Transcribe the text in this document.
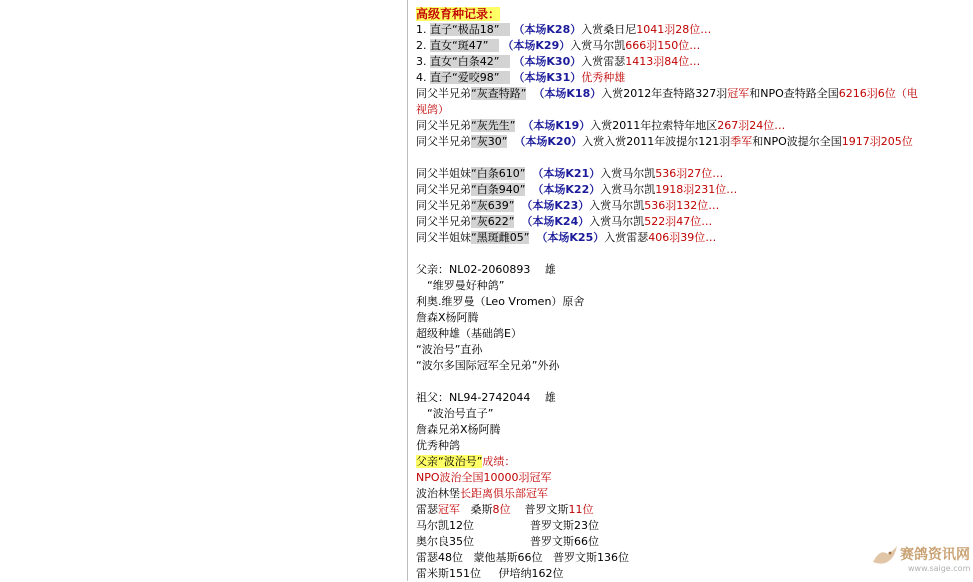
高级育种记录：
1. 直子“极品18” （本场K28）入赏桑日尼1041羽28位…
2. 直女“斑47” （本场K29）入赏马尔凯666羽150位…
3. 直女“白条42” （本场K30）入赏雷瑟1413羽84位…
4. 直子“爱咬98” （本场K31）优秀种雄
同父半兄弟“灰查特路” （本场K18）入赏2012年查特路327羽冠军和NPO查特路全国6216羽6位（电视鸽）
同父半兄弟“灰先生” （本场K19）入赏2011年拉索特年地区267羽24位…
同父半兄弟“灰30” （本场K20）入赏入赏2011年波提尔121羽季军和NPO波提尔全国1917羽205位
同父半姐妹“白条610” （本场K21）入赏马尔凯536羽27位…
同父半兄弟“白条940” （本场K22）入赏马尔凯1918羽231位…
同父半兄弟“灰639” （本场K23）入赏马尔凯536羽132位…
同父半兄弟“灰622” （本场K24）入赏马尔凯522羽47位…
同父半姐妹“黑斑雌05” （本场K25）入赏雷瑟406羽39位…
父亲：NL02-2060893　 雄
　“维罗曼好种鸽”
利奥.维罗曼（Leo Vromen）原舍
詹森X杨阿腾
超级种雄（基础鸽E）
“波治号”直孙
“波尔多国际冠军全兄弟”外孙
祖父：NL94-2742044　 雄
　“波治号直子”
詹森兄弟X杨阿腾
优秀种鸽
父亲“波治号”成绩：
NPO波治全国10000羽冠军
波治林堡长距离俱乐部冠军
雷瑟冠军 桑斯8位 普罗文斯11位
马尔凯12位	普罗文斯23位
奥尔良35位	普罗文斯66位
雷瑟48位 蒙他基斯66位 普罗文斯136位
雷米斯151位 伊培纳162位
赛鸽资讯网
www.saige.com
